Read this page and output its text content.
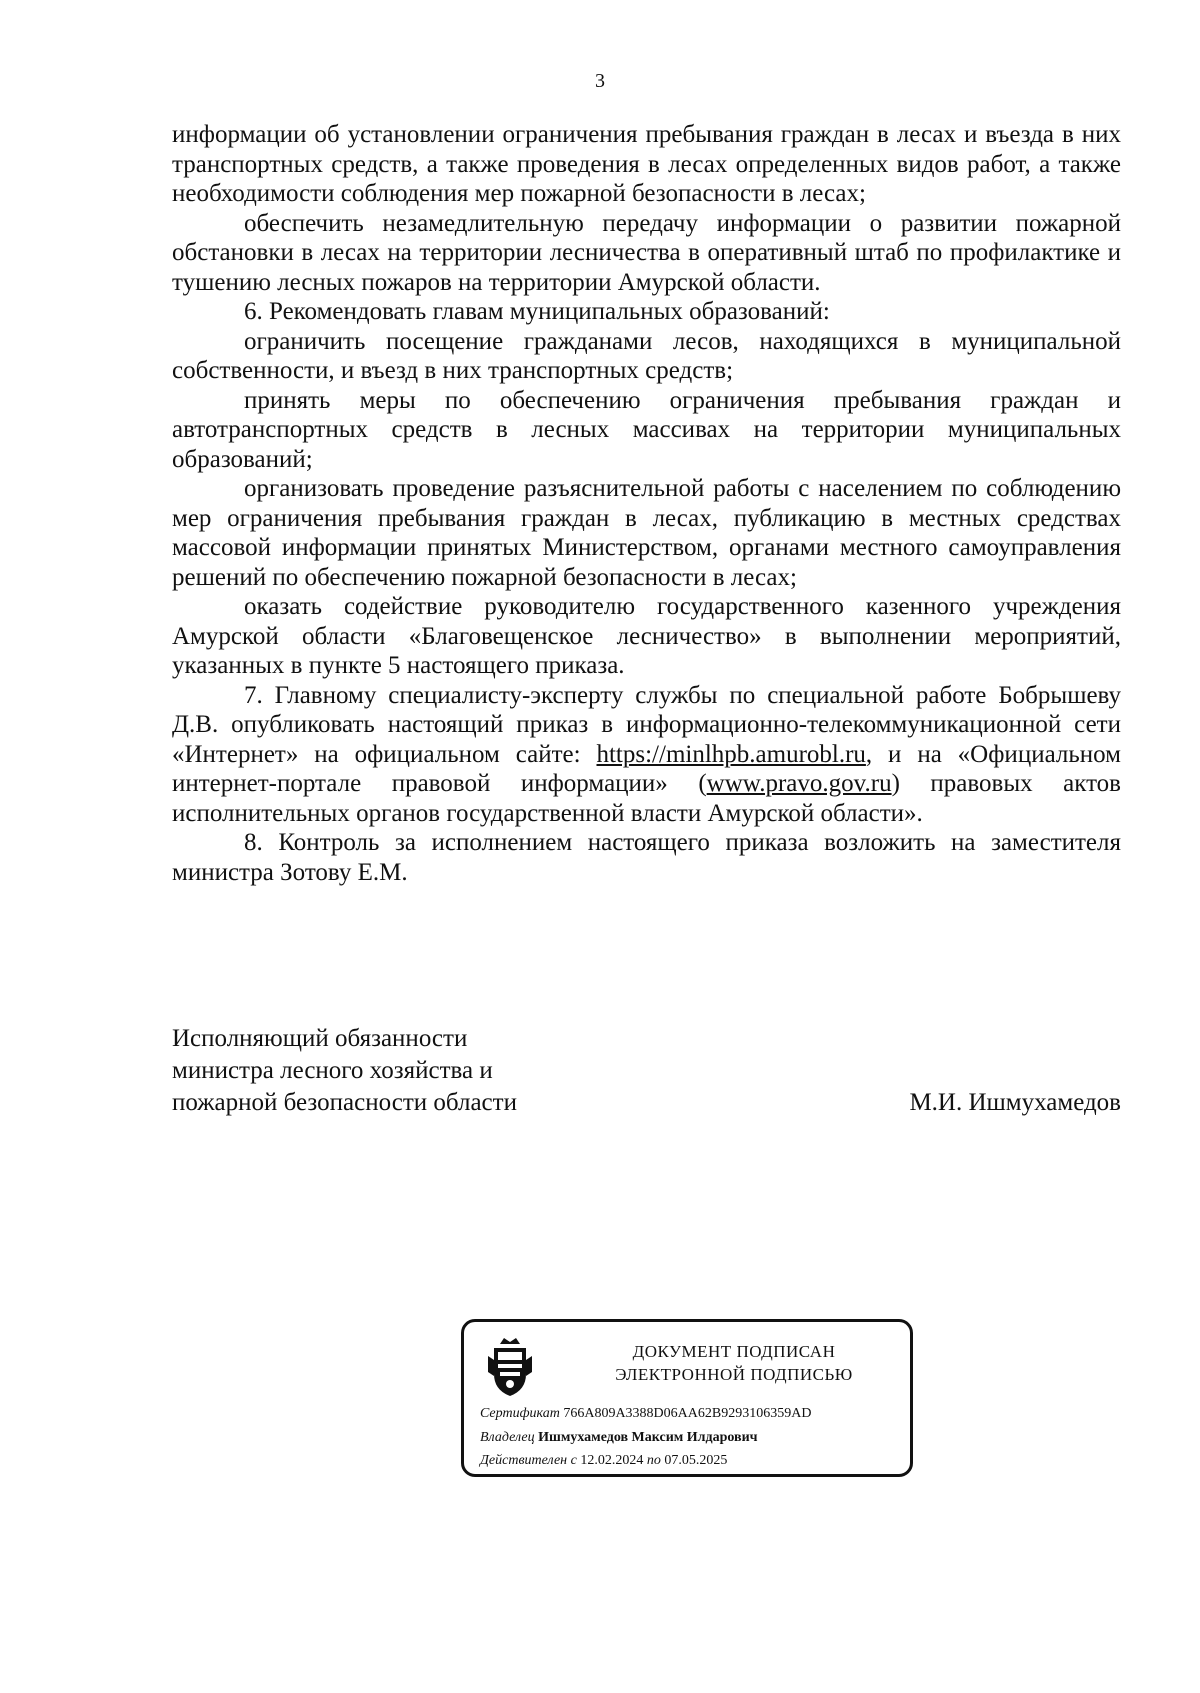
3

информации об установлении ограничения пребывания граждан в лесах и въезда в них транспортных средств, а также проведения в лесах определенных видов работ, а также необходимости соблюдения мер пожарной безопасности в лесах;

обеспечить незамедлительную передачу информации о развитии пожарной обстановки в лесах на территории лесничества в оперативный штаб по профилактике и тушению лесных пожаров на территории Амурской области.

6. Рекомендовать главам муниципальных образований:

ограничить посещение гражданами лесов, находящихся в муниципальной собственности, и въезд в них транспортных средств;

принять меры по обеспечению ограничения пребывания граждан и автотранспортных средств в лесных массивах на территории муниципальных образований;

организовать проведение разъяснительной работы с населением по соблюдению мер ограничения пребывания граждан в лесах, публикацию в местных средствах массовой информации принятых Министерством, органами местного самоуправления решений по обеспечению пожарной безопасности в лесах;

оказать содействие руководителю государственного казенного учреждения Амурской области «Благовещенское лесничество» в выполнении мероприятий, указанных в пункте 5 настоящего приказа.

7. Главному специалисту-эксперту службы по специальной работе Бобрышеву Д.В. опубликовать настоящий приказ в информационно-телекоммуникационной сети «Интернет» на официальном сайте: https://minlhpb.amurobl.ru, и на «Официальном интернет-портале правовой информации» (www.pravo.gov.ru) правовых актов исполнительных органов государственной власти Амурской области».

8. Контроль за исполнением настоящего приказа возложить на заместителя министра Зотову Е.М.

Исполняющий обязанности
министра лесного хозяйства и
пожарной безопасности области	М.И. Ишмухамедов
ДОКУМЕНТ ПОДПИСАН
ЭЛЕКТРОННОЙ ПОДПИСЬЮ
Сертификат 766A809A3388D06AA62B9293106359AD
Владелец Ишмухамедов Максим Илдарович
Действителен с 12.02.2024 по 07.05.2025
